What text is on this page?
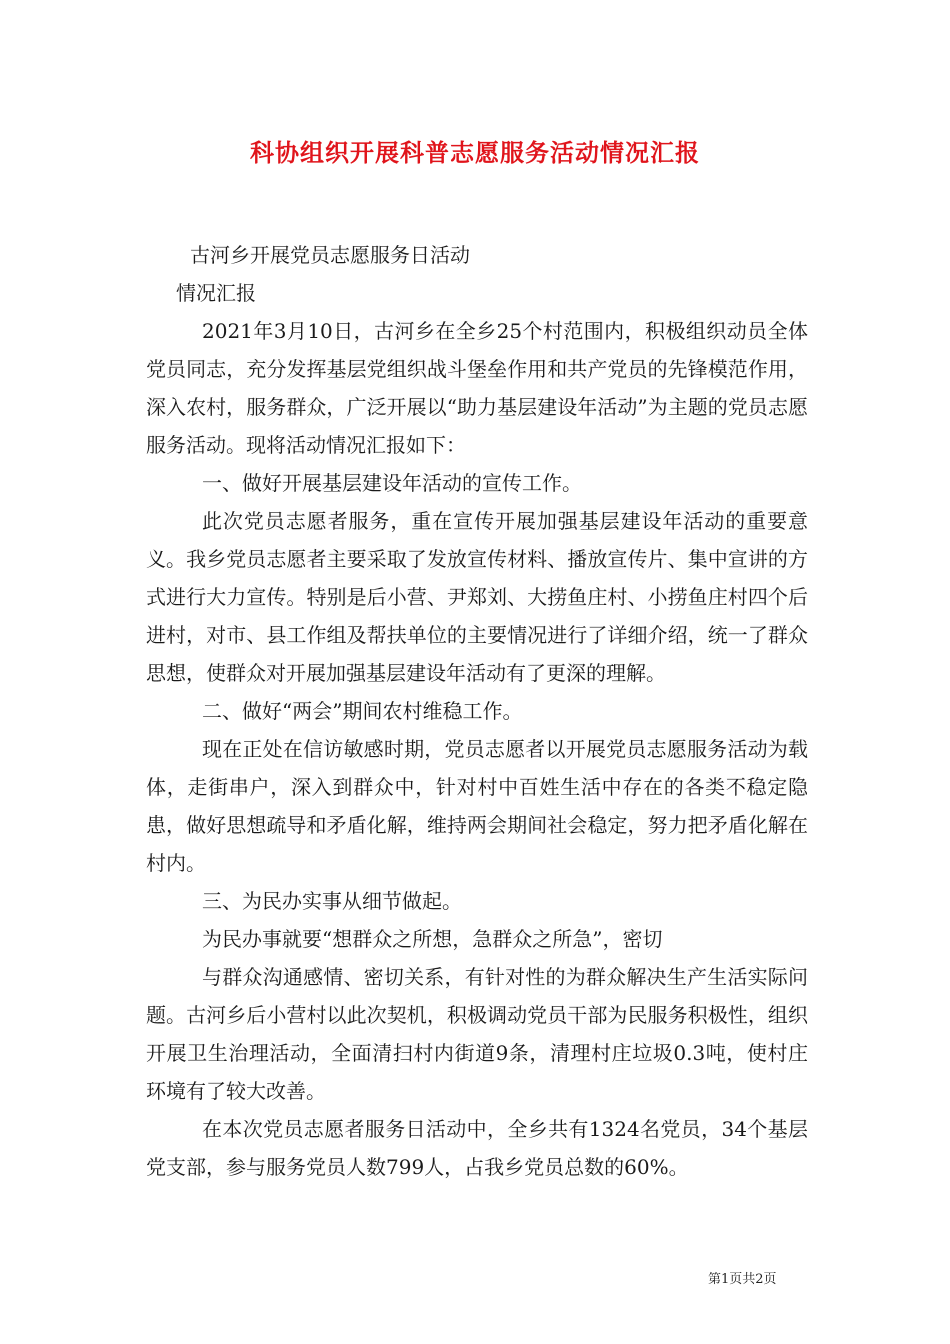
科协组织开展科普志愿服务活动情况汇报

古河乡开展党员志愿服务日活动

情况汇报

2021年3月10日，古河乡在全乡25个村范围内，积极组织动员全体党员同志，充分发挥基层党组织战斗堡垒作用和共产党员的先锋模范作用，深入农村，服务群众，广泛开展以“助力基层建设年活动”为主题的党员志愿服务活动。现将活动情况汇报如下：

一、做好开展基层建设年活动的宣传工作。

此次党员志愿者服务，重在宣传开展加强基层建设年活动的重要意义。我乡党员志愿者主要采取了发放宣传材料、播放宣传片、集中宣讲的方式进行大力宣传。特别是后小营、尹郑刘、大捞鱼庄村、小捞鱼庄村四个后进村，对市、县工作组及帮扶单位的主要情况进行了详细介绍，统一了群众思想，使群众对开展加强基层建设年活动有了更深的理解。

二、做好“两会”期间农村维稳工作。

现在正处在信访敏感时期，党员志愿者以开展党员志愿服务活动为载体，走街串户，深入到群众中，针对村中百姓生活中存在的各类不稳定隐患，做好思想疏导和矛盾化解，维持两会期间社会稳定，努力把矛盾化解在村内。

三、为民办实事从细节做起。

为民办事就要“想群众之所想，急群众之所急”，密切

与群众沟通感情、密切关系，有针对性的为群众解决生产生活实际问题。古河乡后小营村以此次契机，积极调动党员干部为民服务积极性，组织开展卫生治理活动，全面清扫村内街道9条，清理村庄垃圾0.3吨，使村庄环境有了较大改善。

在本次党员志愿者服务日活动中，全乡共有1324名党员，34个基层党支部，参与服务党员人数799人，占我乡党员总数的60%。

第1页共2页
